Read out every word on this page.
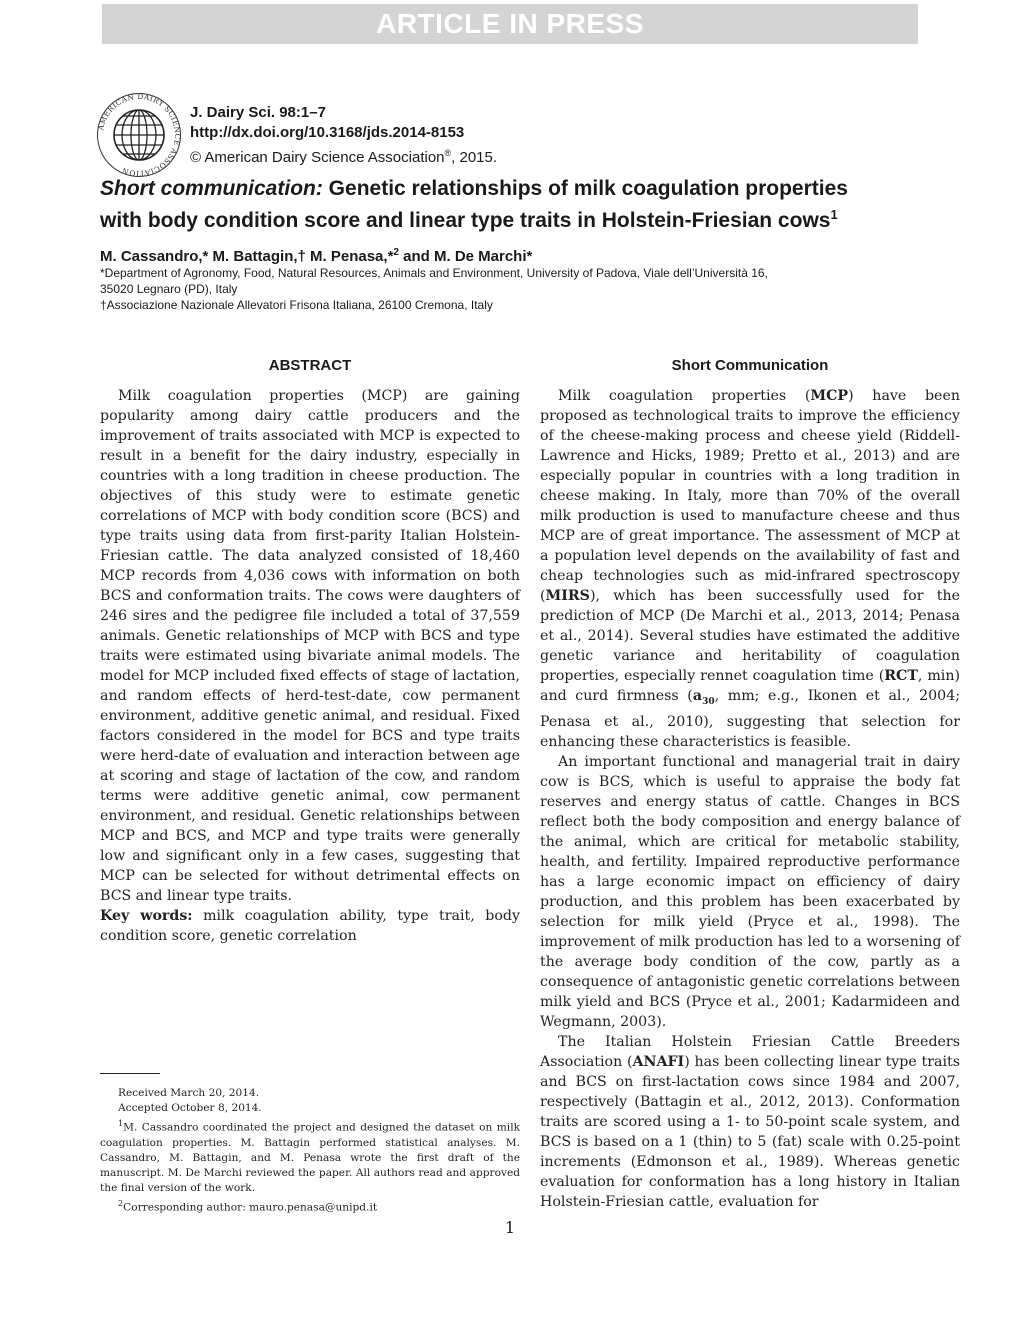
ARTICLE IN PRESS
AMERICAN DAIRY SCIENCE ASSOCIATION
J. Dairy Sci. 98:1–7
http://dx.doi.org/10.3168/jds.2014-8153
© American Dairy Science Association®, 2015.
Short communication: Genetic relationships of milk coagulation properties
with body condition score and linear type traits in Holstein-Friesian cows$^1$
M. Cassandro,* M. Battagin,† M. Penasa,*$^2$ and M. De Marchi*
*Department of Agronomy, Food, Natural Resources, Animals and Environment, University of Padova, Viale dell’Università 16,
35020 Legnaro (PD), Italy
†Associazione Nazionale Allevatori Frisona Italiana, 26100 Cremona, Italy
ABSTRACT	Short Communication

Milk coagulation properties (MCP) are gaining popularity among dairy cattle producers and the improvement of traits associated with MCP is expected to result in a benefit for the dairy industry, especially in countries with a long tradition in cheese production. The objectives of this study were to estimate genetic correlations of MCP with body condition score (BCS) and type traits using data from first-parity Italian Holstein-Friesian cattle. The data analyzed consisted of 18,460 MCP records from 4,036 cows with information on both BCS and conformation traits. The cows were daughters of 246 sires and the pedigree file included a total of 37,559 animals. Genetic relationships of MCP with BCS and type traits were estimated using bivariate animal models. The model for MCP included fixed effects of stage of lactation, and random effects of herd-test-date, cow permanent environment, additive genetic animal, and residual. Fixed factors considered in the model for BCS and type traits were herd-date of evaluation and interaction between age at scoring and stage of lactation of the cow, and random terms were additive genetic animal, cow permanent environment, and residual. Genetic relationships between MCP and BCS, and MCP and type traits were generally low and significant only in a few cases, suggesting that MCP can be selected for without detrimental effects on BCS and linear type traits.

Key words: milk coagulation ability, type trait, body condition score, genetic correlation

Milk coagulation properties (MCP) have been proposed as technological traits to improve the efficiency of the cheese-making process and cheese yield (Riddell-Lawrence and Hicks, 1989; Pretto et al., 2013) and are especially popular in countries with a long tradition in cheese making. In Italy, more than 70% of the overall milk production is used to manufacture cheese and thus MCP are of great importance. The assessment of MCP at a population level depends on the availability of fast and cheap technologies such as mid-infrared spectroscopy (MIRS), which has been successfully used for the prediction of MCP (De Marchi et al., 2013, 2014; Penasa et al., 2014). Several studies have estimated the additive genetic variance and heritability of coagulation properties, especially rennet coagulation time (RCT, min) and curd firmness ($a_{30}$, mm; e.g., Ikonen et al., 2004; Penasa et al., 2010), suggesting that selection for enhancing these characteristics is feasible.

An important functional and managerial trait in dairy cow is BCS, which is useful to appraise the body fat reserves and energy status of cattle. Changes in BCS reflect both the body composition and energy balance of the animal, which are critical for metabolic stability, health, and fertility. Impaired reproductive performance has a large economic impact on efficiency of dairy production, and this problem has been exacerbated by selection for milk yield (Pryce et al., 1998). The improvement of milk production has led to a worsening of the average body condition of the cow, partly as a consequence of antagonistic genetic correlations between milk yield and BCS (Pryce et al., 2001; Kadarmideen and Wegmann, 2003).

The Italian Holstein Friesian Cattle Breeders Association (ANAFI) has been collecting linear type traits and BCS on first-lactation cows since 1984 and 2007, respectively (Battagin et al., 2012, 2013). Conformation traits are scored using a 1- to 50-point scale system, and BCS is based on a 1 (thin) to 5 (fat) scale with 0.25-point increments (Edmonson et al., 1989). Whereas genetic evaluation for conformation has a long history in Italian Holstein-Friesian cattle, evaluation for

Received March 20, 2014.

Accepted October 8, 2014.

$^1$M. Cassandro coordinated the project and designed the dataset on milk coagulation properties. M. Battagin performed statistical analyses. M. Cassandro, M. Battagin, and M. Penasa wrote the first draft of the manuscript. M. De Marchi reviewed the paper. All authors read and approved the final version of the work.

$^2$Corresponding author: mauro.penasa@unipd.it

1
